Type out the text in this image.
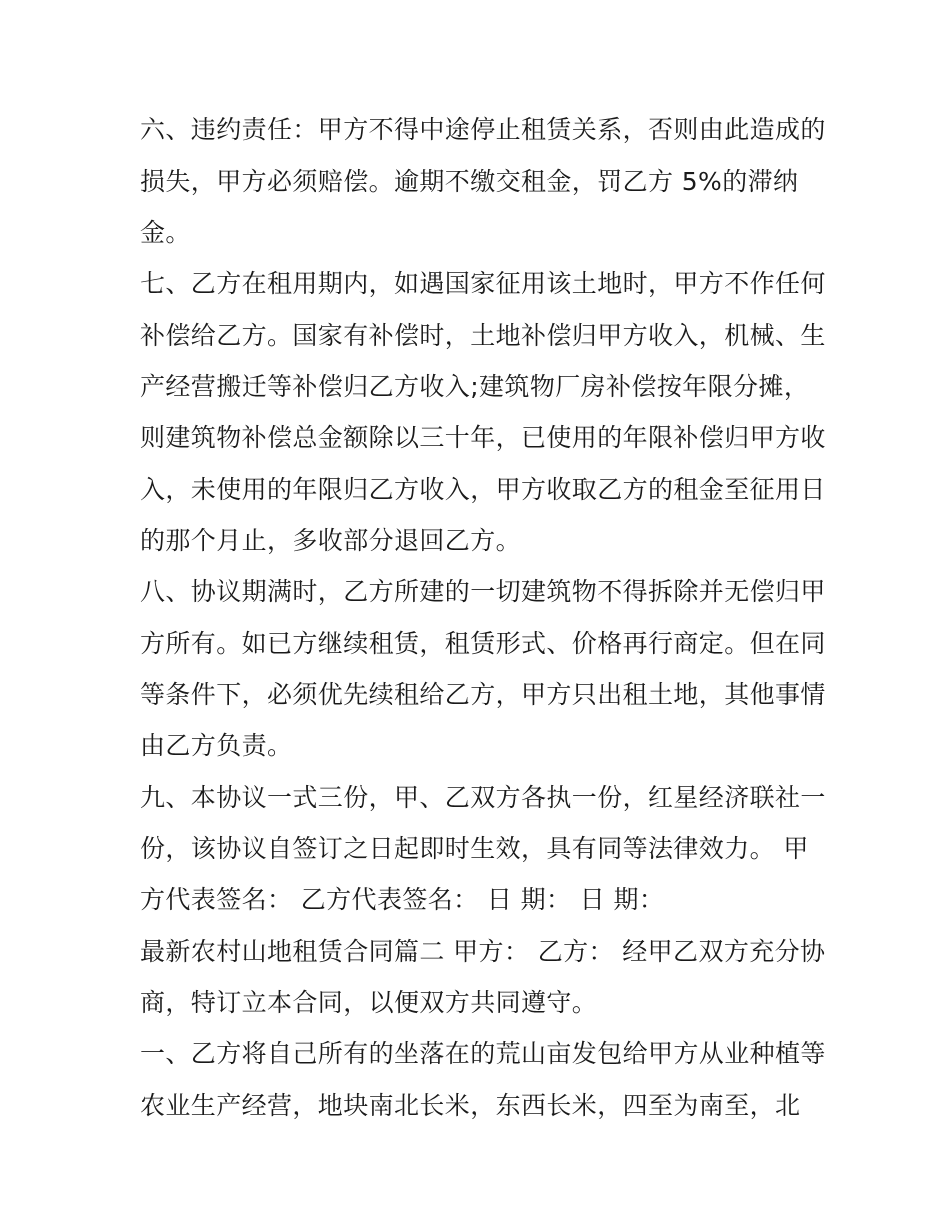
六、违约责任：甲方不得中途停止租赁关系，否则由此造成的
损失，甲方必须赔偿。逾期不缴交租金，罚乙方 5%的滞纳
金。
七、乙方在租用期内，如遇国家征用该土地时，甲方不作任何
补偿给乙方。国家有补偿时，土地补偿归甲方收入，机械、生
产经营搬迁等补偿归乙方收入;建筑物厂房补偿按年限分摊，
则建筑物补偿总金额除以三十年，已使用的年限补偿归甲方收
入，未使用的年限归乙方收入，甲方收取乙方的租金至征用日
的那个月止，多收部分退回乙方。
八、协议期满时，乙方所建的一切建筑物不得拆除并无偿归甲
方所有。如已方继续租赁，租赁形式、价格再行商定。但在同
等条件下，必须优先续租给乙方，甲方只出租土地，其他事情
由乙方负责。
九、本协议一式三份，甲、乙双方各执一份，红星经济联社一
份，该协议自签订之日起即时生效，具有同等法律效力。 甲
方代表签名： 乙方代表签名： 日 期： 日 期：
最新农村山地租赁合同篇二 甲方： 乙方： 经甲乙双方充分协
商，特订立本合同，以便双方共同遵守。
一、乙方将自己所有的坐落在的荒山亩发包给甲方从业种植等
农业生产经营，地块南北长米，东西长米，四至为南至，北
